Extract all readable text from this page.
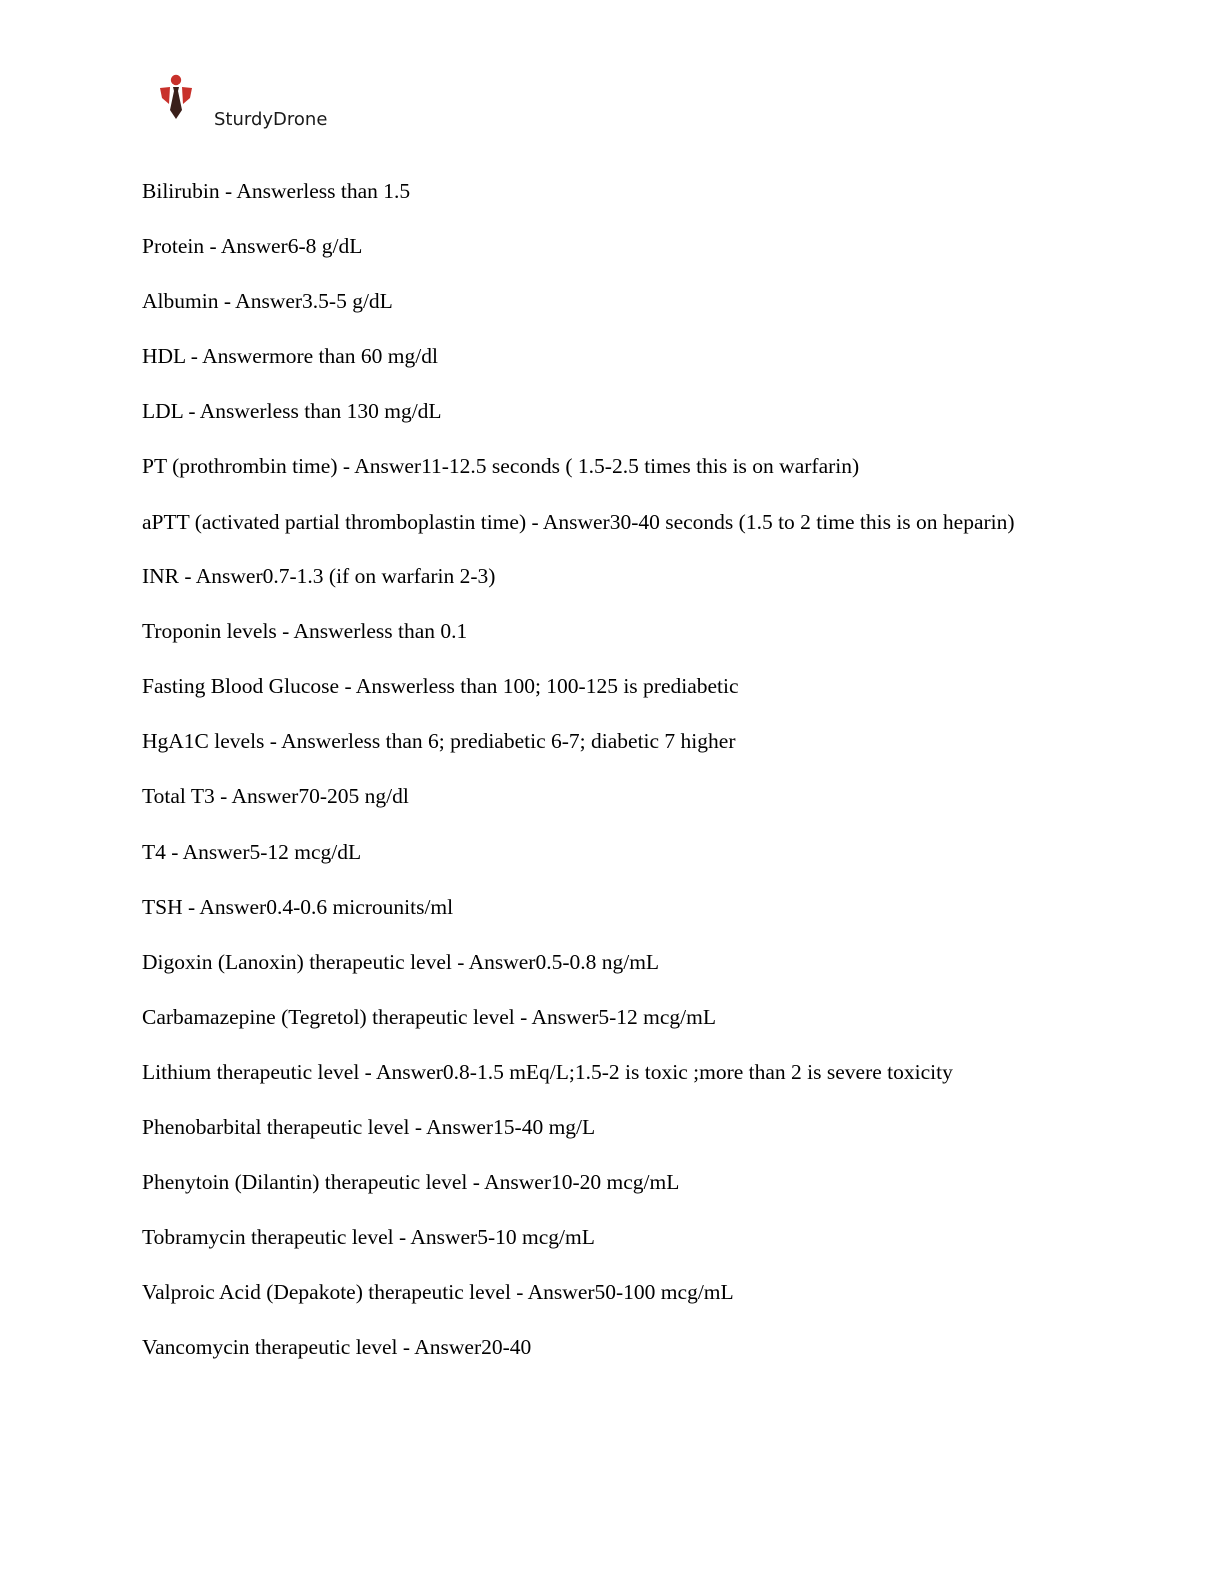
SturdyDrone
Bilirubin - Answerless than 1.5
Protein - Answer6-8 g/dL
Albumin - Answer3.5-5 g/dL
HDL - Answermore than 60 mg/dl
LDL - Answerless than 130 mg/dL
PT (prothrombin time) - Answer11-12.5 seconds ( 1.5-2.5 times this is on warfarin)
aPTT (activated partial thromboplastin time) - Answer30-40 seconds (1.5 to 2 time this is on heparin)
INR - Answer0.7-1.3 (if on warfarin 2-3)
Troponin levels - Answerless than 0.1
Fasting Blood Glucose - Answerless than 100; 100-125 is prediabetic
HgA1C levels - Answerless than 6; prediabetic 6-7; diabetic 7 higher
Total T3 - Answer70-205 ng/dl
T4 - Answer5-12 mcg/dL
TSH - Answer0.4-0.6 microunits/ml
Digoxin (Lanoxin) therapeutic level - Answer0.5-0.8 ng/mL
Carbamazepine (Tegretol) therapeutic level - Answer5-12 mcg/mL
Lithium therapeutic level - Answer0.8-1.5 mEq/L;1.5-2 is toxic ;more than 2 is severe toxicity
Phenobarbital therapeutic level - Answer15-40 mg/L
Phenytoin (Dilantin) therapeutic level - Answer10-20 mcg/mL
Tobramycin therapeutic level - Answer5-10 mcg/mL
Valproic Acid (Depakote) therapeutic level - Answer50-100 mcg/mL
Vancomycin therapeutic level - Answer20-40
